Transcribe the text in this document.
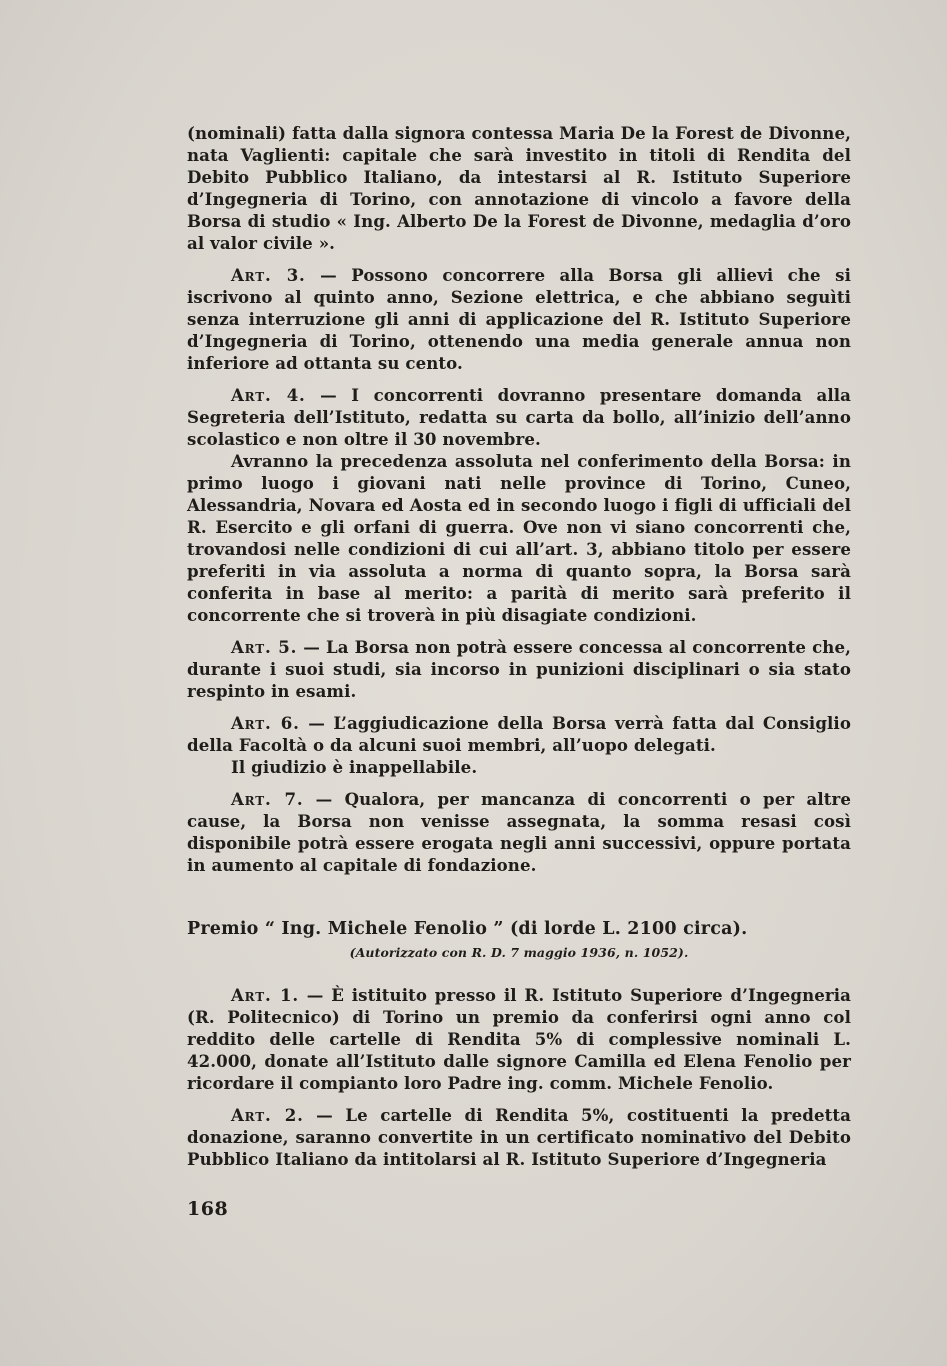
(nominali) fatta dalla signora contessa Maria De la Forest de Divonne, nata Vaglienti: capitale che sarà investito in titoli di Rendita del Debito Pubblico Italiano, da intestarsi al R. Istituto Superiore d’Ingegneria di Torino, con annotazione di vincolo a favore della Borsa di studio « Ing. Alberto De la Forest de Divonne, medaglia d’oro al valor civile ».

Art. 3. — Possono concorrere alla Borsa gli allievi che si iscrivono al quinto anno, Sezione elettrica, e che abbiano seguìti senza interruzione gli anni di applicazione del R. Istituto Superiore d’Ingegneria di Torino, ottenendo una media generale annua non inferiore ad ottanta su cento.

Art. 4. — I concorrenti dovranno presentare domanda alla Segreteria dell’Istituto, redatta su carta da bollo, all’inizio dell’anno scolastico e non oltre il 30 novembre.

Avranno la precedenza assoluta nel conferimento della Borsa: in primo luogo i giovani nati nelle province di Torino, Cuneo, Alessandria, Novara ed Aosta ed in secondo luogo i figli di ufficiali del R. Esercito e gli orfani di guerra. Ove non vi siano concorrenti che, trovandosi nelle condizioni di cui all’art. 3, abbiano titolo per essere preferiti in via assoluta a norma di quanto sopra, la Borsa sarà conferita in base al merito: a parità di merito sarà preferito il concorrente che si troverà in più disagiate condizioni.

Art. 5. — La Borsa non potrà essere concessa al concorrente che, durante i suoi studi, sia incorso in punizioni disciplinari o sia stato respinto in esami.

Art. 6. — L’aggiudicazione della Borsa verrà fatta dal Consiglio della Facoltà o da alcuni suoi membri, all’uopo delegati.

Il giudizio è inappellabile.

Art. 7. — Qualora, per mancanza di concorrenti o per altre cause, la Borsa non venisse assegnata, la somma resasi così disponibile potrà essere erogata negli anni successivi, oppure portata in aumento al capitale di fondazione.

Premio “ Ing. Michele Fenolio ” (di lorde L. 2100 circa).

(Autorizzato con R. D. 7 maggio 1936, n. 1052).

Art. 1. — È istituito presso il R. Istituto Superiore d’Ingegneria (R. Politecnico) di Torino un premio da conferirsi ogni anno col reddito delle cartelle di Rendita 5% di complessive nominali L. 42.000, donate all’Istituto dalle signore Camilla ed Elena Fenolio per ricordare il compianto loro Padre ing. comm. Michele Fenolio.

Art. 2. — Le cartelle di Rendita 5%, costituenti la predetta donazione, saranno convertite in un certificato nominativo del Debito Pubblico Italiano da intitolarsi al R. Istituto Superiore d’Ingegneria

168
